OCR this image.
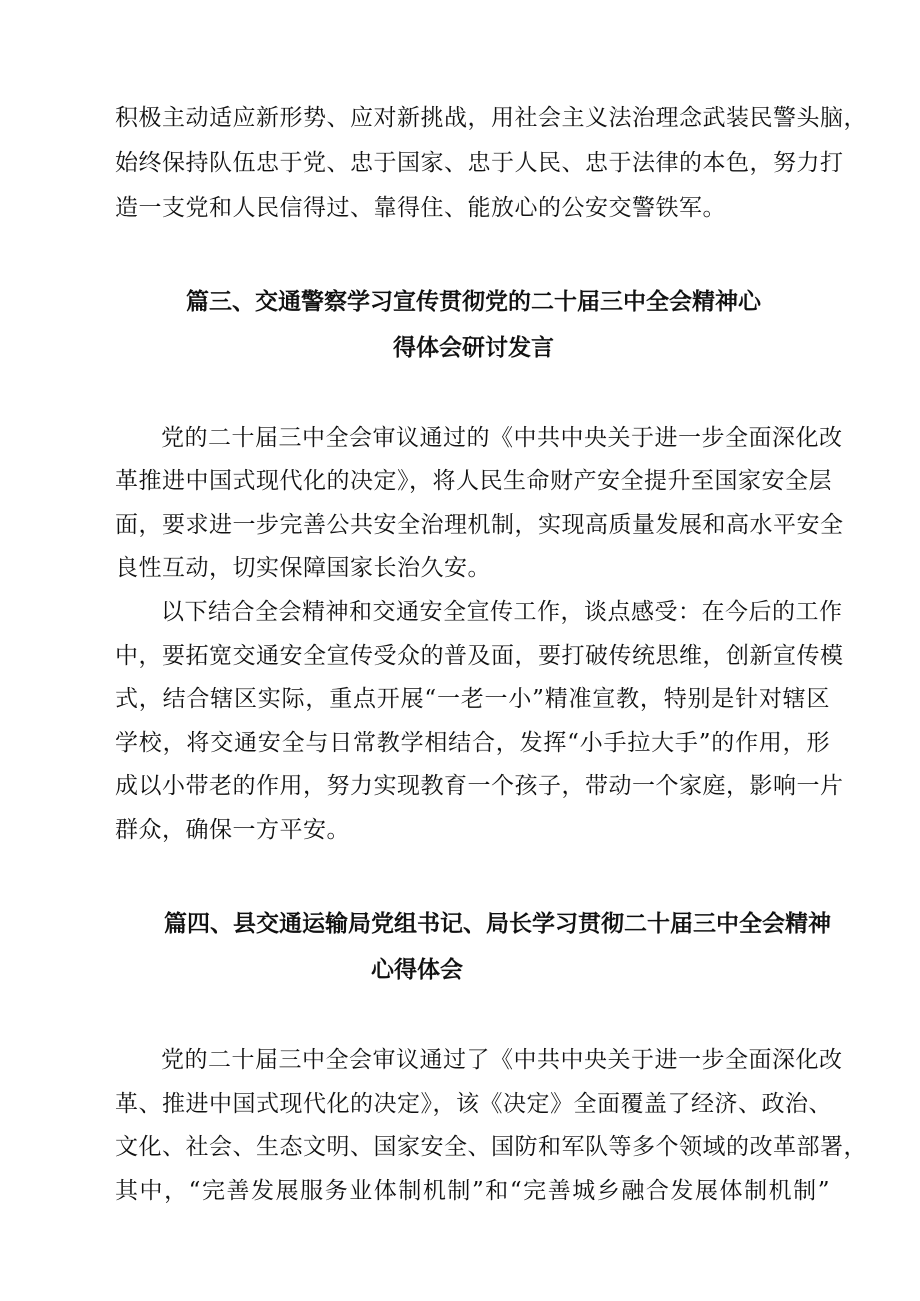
积极主动适应新形势、应对新挑战，用社会主义法治理念武装民警头脑，
始终保持队伍忠于党、忠于国家、忠于人民、忠于法律的本色，努力打
造一支党和人民信得过、靠得住、能放心的公安交警铁军。
篇三、交通警察学习宣传贯彻党的二十届三中全会精神心
得体会研讨发言
党的二十届三中全会审议通过的《中共中央关于进一步全面深化改
革推进中国式现代化的决定》，将人民生命财产安全提升至国家安全层
面，要求进一步完善公共安全治理机制，实现高质量发展和高水平安全
良性互动，切实保障国家长治久安。
以下结合全会精神和交通安全宣传工作，谈点感受：在今后的工作
中，要拓宽交通安全宣传受众的普及面，要打破传统思维，创新宣传模
式，结合辖区实际，重点开展“一老一小”精准宣教，特别是针对辖区
学校，将交通安全与日常教学相结合，发挥“小手拉大手”的作用，形
成以小带老的作用，努力实现教育一个孩子，带动一个家庭，影响一片
群众，确保一方平安。
篇四、县交通运输局党组书记、局长学习贯彻二十届三中全会精神
心得体会
党的二十届三中全会审议通过了《中共中央关于进一步全面深化改
革、推进中国式现代化的决定》，该《决定》全面覆盖了经济、政治、
文化、社会、生态文明、国家安全、国防和军队等多个领域的改革部署，
其中，“完善发展服务业体制机制”和“完善城乡融合发展体制机制”
